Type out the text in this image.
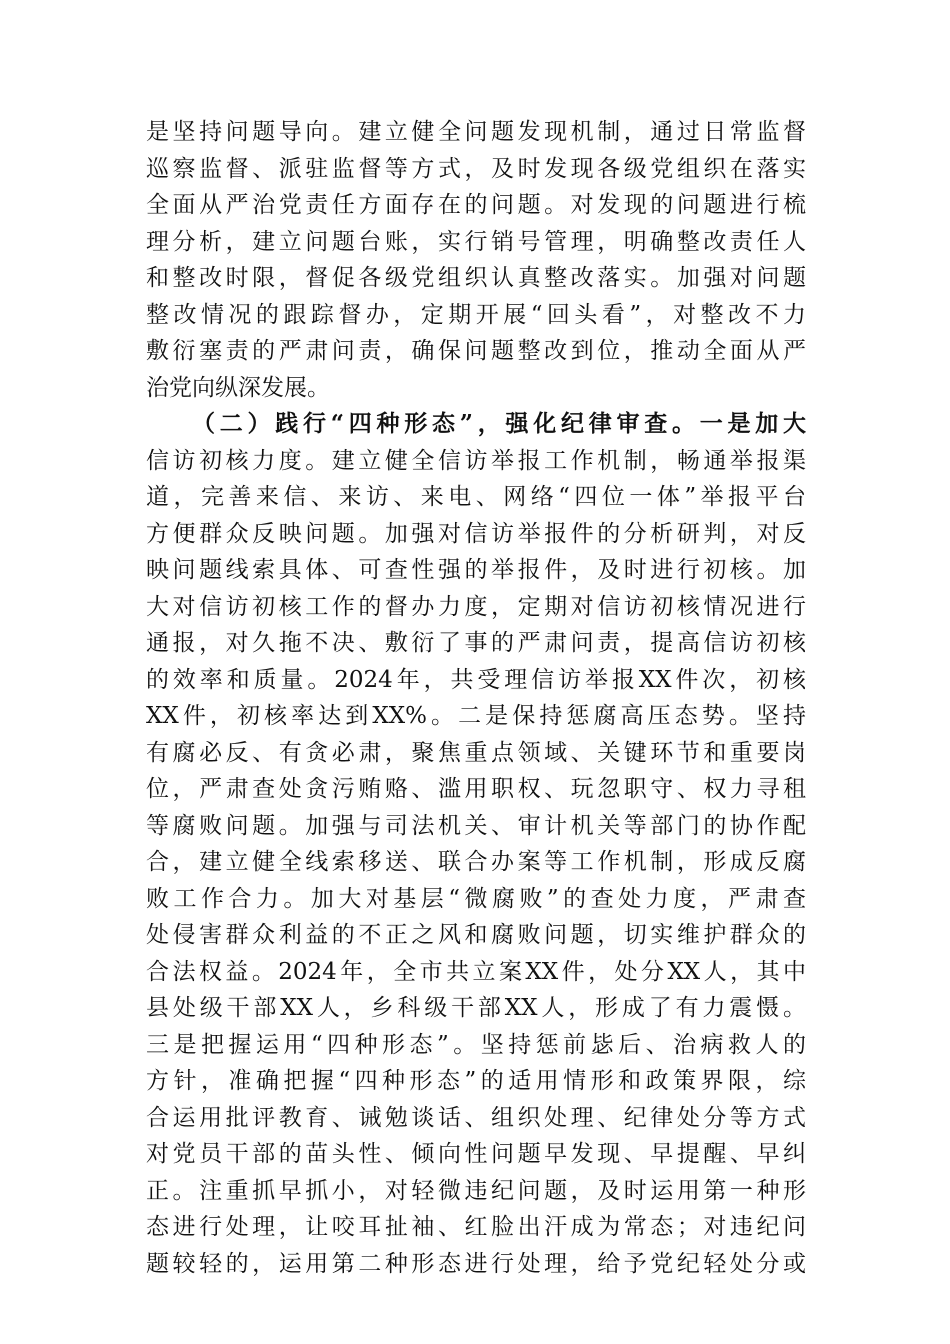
是坚持问题导向。建立健全问题发现机制，通过日常监督
巡察监督、派驻监督等方式，及时发现各级党组织在落实
全面从严治党责任方面存在的问题。对发现的问题进行梳
理分析，建立问题台账，实行销号管理，明确整改责任人
和整改时限，督促各级党组织认真整改落实。加强对问题
整改情况的跟踪督办，定期开展“回头看”，对整改不力
敷衍塞责的严肃问责，确保问题整改到位，推动全面从严
治党向纵深发展。
（二）践行“四种形态”，强化纪律审查。一是加大
信访初核力度。建立健全信访举报工作机制，畅通举报渠
道，完善来信、来访、来电、网络“四位一体”举报平台
方便群众反映问题。加强对信访举报件的分析研判，对反
映问题线索具体、可查性强的举报件，及时进行初核。加
大对信访初核工作的督办力度，定期对信访初核情况进行
通报，对久拖不决、敷衍了事的严肃问责，提高信访初核
的效率和质量。2024年，共受理信访举报XX件次，初核
XX件，初核率达到XX%。二是保持惩腐高压态势。坚持
有腐必反、有贪必肃，聚焦重点领域、关键环节和重要岗
位，严肃查处贪污贿赂、滥用职权、玩忽职守、权力寻租
等腐败问题。加强与司法机关、审计机关等部门的协作配
合，建立健全线索移送、联合办案等工作机制，形成反腐
败工作合力。加大对基层“微腐败”的查处力度，严肃查
处侵害群众利益的不正之风和腐败问题，切实维护群众的
合法权益。2024年，全市共立案XX件，处分XX人，其中
县处级干部XX人，乡科级干部XX人，形成了有力震慑。
三是把握运用“四种形态”。坚持惩前毖后、治病救人的
方针，准确把握“四种形态”的适用情形和政策界限，综
合运用批评教育、诫勉谈话、组织处理、纪律处分等方式
对党员干部的苗头性、倾向性问题早发现、早提醒、早纠
正。注重抓早抓小，对轻微违纪问题，及时运用第一种形
态进行处理，让咬耳扯袖、红脸出汗成为常态；对违纪问
题较轻的，运用第二种形态进行处理，给予党纪轻处分或
